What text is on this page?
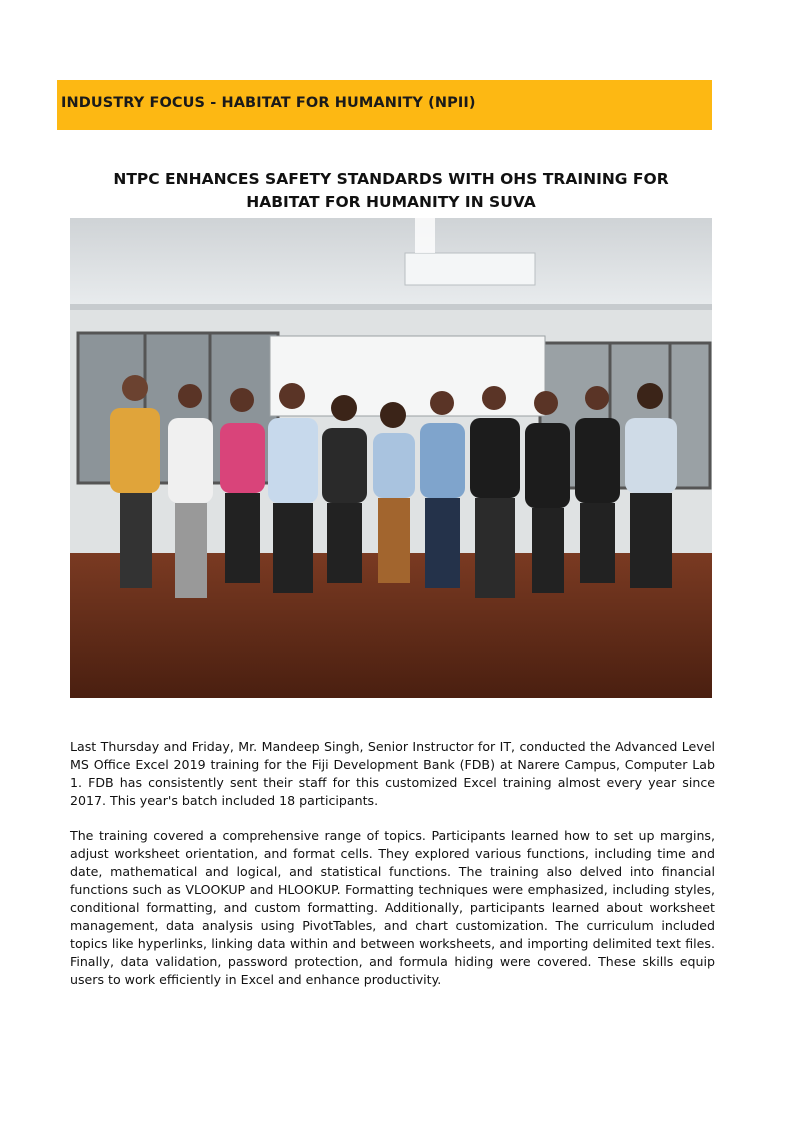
INDUSTRY FOCUS - HABITAT FOR HUMANITY (NPII)
NTPC ENHANCES SAFETY STANDARDS WITH OHS TRAINING FOR
HABITAT FOR HUMANITY IN SUVA

Last Thursday and Friday, Mr. Mandeep Singh, Senior Instructor for IT, conducted the Advanced Level MS Office Excel 2019 training for the Fiji Development Bank (FDB) at Narere Campus, Computer Lab 1. FDB has consistently sent their staff for this customized Excel training almost every year since 2017. This year's batch included 18 participants.

The training covered a comprehensive range of topics. Participants learned how to set up margins, adjust worksheet orientation, and format cells. They explored various functions, including time and date, mathematical and logical, and statistical functions. The training also delved into financial functions such as VLOOKUP and HLOOKUP. Formatting techniques were emphasized, including styles, conditional formatting, and custom formatting. Additionally, participants learned about worksheet management, data analysis using PivotTables, and chart customization. The curriculum included topics like hyperlinks, linking data within and between worksheets, and importing delimited text files. Finally, data validation, password protection, and formula hiding were covered. These skills equip users to work efficiently in Excel and enhance productivity.
